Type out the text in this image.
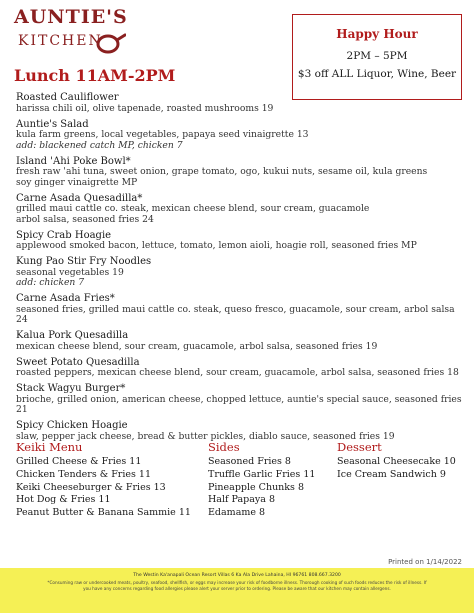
AUNTIE'S
KITCHEN
Lunch 11AM-2PM
Happy Hour
2PM – 5PM
$3 off ALL Liquor, Wine, Beer
Roasted Cauliflower
harissa chili oil, olive tapenade, roasted mushrooms 19
Auntie's Salad
kula farm greens, local vegetables, papaya seed vinaigrette 13
add: blackened catch MP, chicken 7
Island 'Ahi Poke Bowl*
fresh raw 'ahi tuna, sweet onion, grape tomato, ogo, kukui nuts, sesame oil, kula greens
soy ginger vinaigrette MP
Carne Asada Quesadilla*
grilled maui cattle co. steak, mexican cheese blend, sour cream, guacamole
arbol salsa, seasoned fries 24
Spicy Crab Hoagie
applewood smoked bacon, lettuce, tomato, lemon aioli, hoagie roll, seasoned fries MP
Kung Pao Stir Fry Noodles
seasonal vegetables 19
add: chicken 7
Carne Asada Fries*
seasoned fries, grilled maui cattle co. steak, queso fresco, guacamole, sour cream, arbol salsa 24
Kalua Pork Quesadilla
mexican cheese blend, sour cream, guacamole, arbol salsa, seasoned fries 19
Sweet Potato Quesadilla
roasted peppers, mexican cheese blend, sour cream, guacamole, arbol salsa, seasoned fries 18
Stack Wagyu Burger*
brioche, grilled onion, american cheese, chopped lettuce, auntie's special sauce, seasoned fries 21
Spicy Chicken Hoagie
slaw, pepper jack cheese, bread & butter pickles, diablo sauce, seasoned fries 19
Keiki Menu
Grilled Cheese & Fries 11
Chicken Tenders & Fries 11
Keiki Cheeseburger & Fries 13
Hot Dog & Fries 11
Peanut Butter & Banana Sammie 11
Sides
Seasoned Fries 8
Truffle Garlic Fries 11
Pineapple Chunks 8
Half Papaya 8
Edamame 8
Dessert
Seasonal Cheesecake 10
Ice Cream Sandwich 9
Printed on 1/14/2022
The Westin Ka'anapali Ocean Resort Villas 6 Ka Ala Drive Lahaina, HI 96761 808.667.3200
*Consuming raw or undercooked meats, poultry, seafood, shellfish, or eggs may increase your risk of foodborne illness. Thorough cooking of such foods reduces the risk of illness. If you have any concerns regarding food allergies please alert your server prior to ordering. Please be aware that our kitchen may contain allergens.
